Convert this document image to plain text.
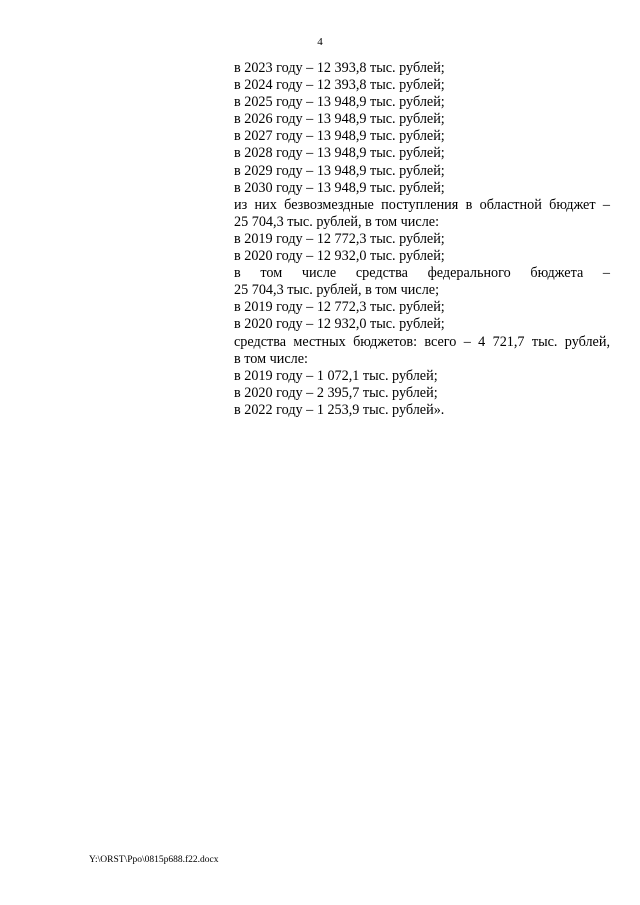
4
в 2023 году – 12 393,8 тыс. рублей;
в 2024 году – 12 393,8 тыс. рублей;
в 2025 году – 13 948,9 тыс. рублей;
в 2026 году – 13 948,9 тыс. рублей;
в 2027 году – 13 948,9 тыс. рублей;
в 2028 году – 13 948,9 тыс. рублей;
в 2029 году – 13 948,9 тыс. рублей;
в 2030 году – 13 948,9 тыс. рублей;
из них безвозмездные поступления в областной бюджет –
25 704,3 тыс. рублей, в том числе:
в 2019 году – 12 772,3 тыс. рублей;
в 2020 году – 12 932,0 тыс. рублей;
в том числе средства федерального бюджета –
25 704,3 тыс. рублей, в том числе;
в 2019 году – 12 772,3 тыс. рублей;
в 2020 году – 12 932,0 тыс. рублей;
средства местных бюджетов: всего – 4 721,7 тыс. рублей,
в том числе:
в 2019 году – 1 072,1 тыс. рублей;
в 2020 году – 2 395,7 тыс. рублей;
в 2022 году – 1 253,9 тыс. рублей».
Y:\ORST\Ppo\0815p688.f22.docx
